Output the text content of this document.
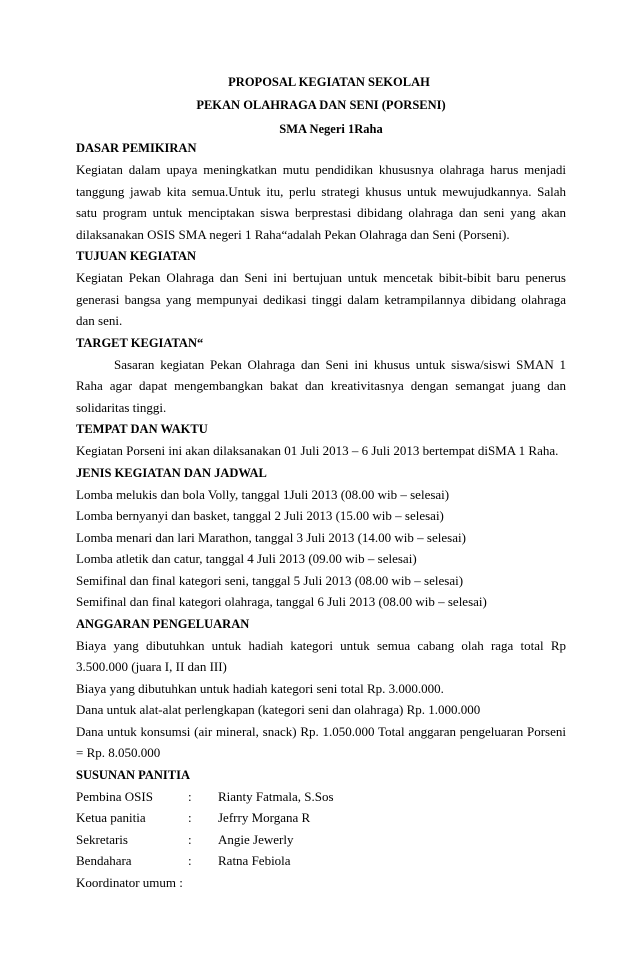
PROPOSAL KEGIATAN SEKOLAH
PEKAN OLAHRAGA DAN SENI (PORSENI)
SMA Negeri 1Raha

DASAR PEMIKIRAN

Kegiatan dalam upaya meningkatkan mutu pendidikan khususnya olahraga harus menjadi tanggung jawab kita semua.Untuk itu, perlu strategi khusus untuk mewujudkannya. Salah satu program untuk menciptakan siswa berprestasi dibidang olahraga dan seni yang akan dilaksanakan OSIS SMA negeri 1 Raha“adalah Pekan Olahraga dan Seni (Porseni).

TUJUAN KEGIATAN

Kegiatan Pekan Olahraga dan Seni ini bertujuan untuk mencetak bibit-bibit baru penerus generasi bangsa yang mempunyai dedikasi tinggi dalam ketrampilannya dibidang olahraga dan seni.

TARGET KEGIATAN“

Sasaran kegiatan Pekan Olahraga dan Seni ini khusus untuk siswa/siswi SMAN 1 Raha agar dapat mengembangkan bakat dan kreativitasnya dengan semangat juang dan solidaritas tinggi.

TEMPAT DAN WAKTU

Kegiatan Porseni ini akan dilaksanakan 01 Juli 2013 – 6 Juli 2013 bertempat diSMA 1 Raha.

JENIS KEGIATAN DAN JADWAL

Lomba melukis dan bola Volly, tanggal 1Juli 2013 (08.00 wib – selesai)

Lomba bernyanyi dan basket, tanggal 2 Juli 2013 (15.00 wib – selesai)

Lomba menari dan lari Marathon, tanggal 3 Juli 2013 (14.00 wib – selesai)

Lomba atletik dan catur, tanggal 4 Juli 2013 (09.00 wib – selesai)

Semifinal dan final kategori seni, tanggal 5 Juli 2013 (08.00 wib – selesai)

Semifinal dan final kategori olahraga, tanggal 6 Juli 2013 (08.00 wib – selesai)

ANGGARAN PENGELUARAN

Biaya yang dibutuhkan untuk hadiah kategori untuk semua cabang olah raga total Rp 3.500.000 (juara I, II dan III)

Biaya yang dibutuhkan untuk hadiah kategori seni total Rp. 3.000.000.

Dana untuk alat-alat perlengkapan (kategori seni dan olahraga) Rp. 1.000.000

Dana untuk konsumsi (air mineral, snack) Rp. 1.050.000 Total anggaran pengeluaran Porseni = Rp. 8.050.000

SUSUNAN PANITIA

Pembina OSIS	:	Rianty Fatmala, S.Sos
Ketua panitia	:	Jefrry Morgana R
Sekretaris	:	Angie Jewerly
Bendahara	:	Ratna Febiola

Koordinator umum :
